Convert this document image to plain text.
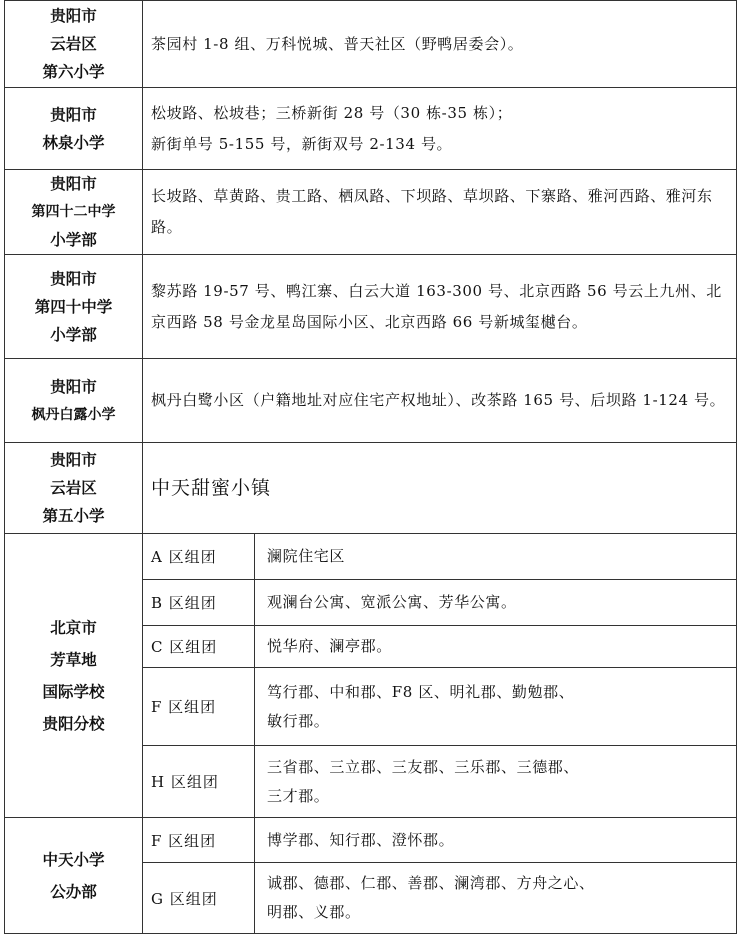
贵阳市
云岩区
第六小学	茶园村 1-8 组、万科悦城、普天社区（野鸭居委会）。	

贵阳市
林泉小学	松坡路、松坡巷；三桥新街 28 号（30 栋-35 栋）；
新街单号 5-155 号，新街双号 2-134 号。	

贵阳市
第四十二中学
小学部	长坡路、草黄路、贵工路、栖凤路、下坝路、草坝路、下寨路、雅河西路、雅河东路。	

贵阳市
第四十中学
小学部	黎苏路 19-57 号、鸭江寨、白云大道 163-300 号、北京西路 56 号云上九州、北京西路 58 号金龙星岛国际小区、北京西路 66 号新城玺樾台。	

贵阳市
枫丹白露小学	枫丹白鹭小区（户籍地址对应住宅产权地址）、改茶路 165 号、后坝路 1-124 号。	

贵阳市
云岩区
第五小学	中天甜蜜小镇	

北京市
芳草地
国际学校
贵阳分校	A 区组团	澜院住宅区
	B 区组团	观澜台公寓、宽派公寓、芳华公寓。
	C 区组团	悦华府、澜亭郡。
	F 区组团	笃行郡、中和郡、F8 区、明礼郡、勤勉郡、
敏行郡。

	H 区组团	三省郡、三立郡、三友郡、三乐郡、三德郡、
三才郡。

中天小学
公办部	F 区组团	博学郡、知行郡、澄怀郡。
	G 区组团	诚郡、德郡、仁郡、善郡、澜湾郡、方舟之心、
明郡、义郡。
